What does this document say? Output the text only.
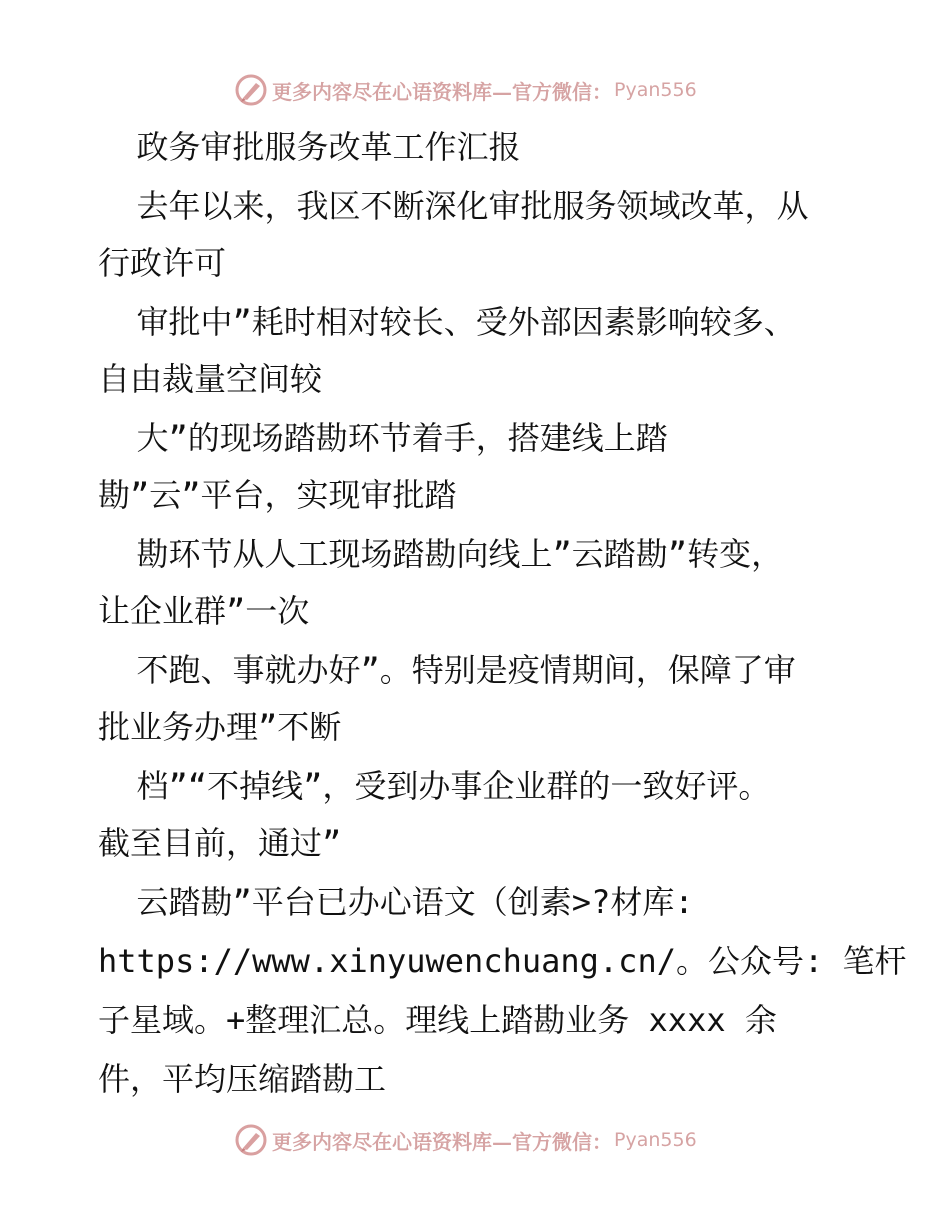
更多内容尽在心语资料库—官方微信： Pyan556
政务审批服务改革工作汇报
去年以来，我区不断深化审批服务领域改革，从
行政许可
审批中”耗时相对较长、受外部因素影响较多、
自由裁量空间较
大”的现场踏勘环节着手，搭建线上踏
勘”云”平台，实现审批踏
勘环节从人工现场踏勘向线上”云踏勘”转变，
让企业群”一次
不跑、事就办好”。特别是疫情期间，保障了审
批业务办理”不断
档”“不掉线”，受到办事企业群的一致好评。
截至目前，通过”
云踏勘”平台已办心语文（创素>?材库:
https://www.xinyuwenchuang.cn/。公众号: 笔杆
子星域。+整理汇总。理线上踏勘业务 xxxx 余
件，平均压缩踏勘工
更多内容尽在心语资料库—官方微信： Pyan556
